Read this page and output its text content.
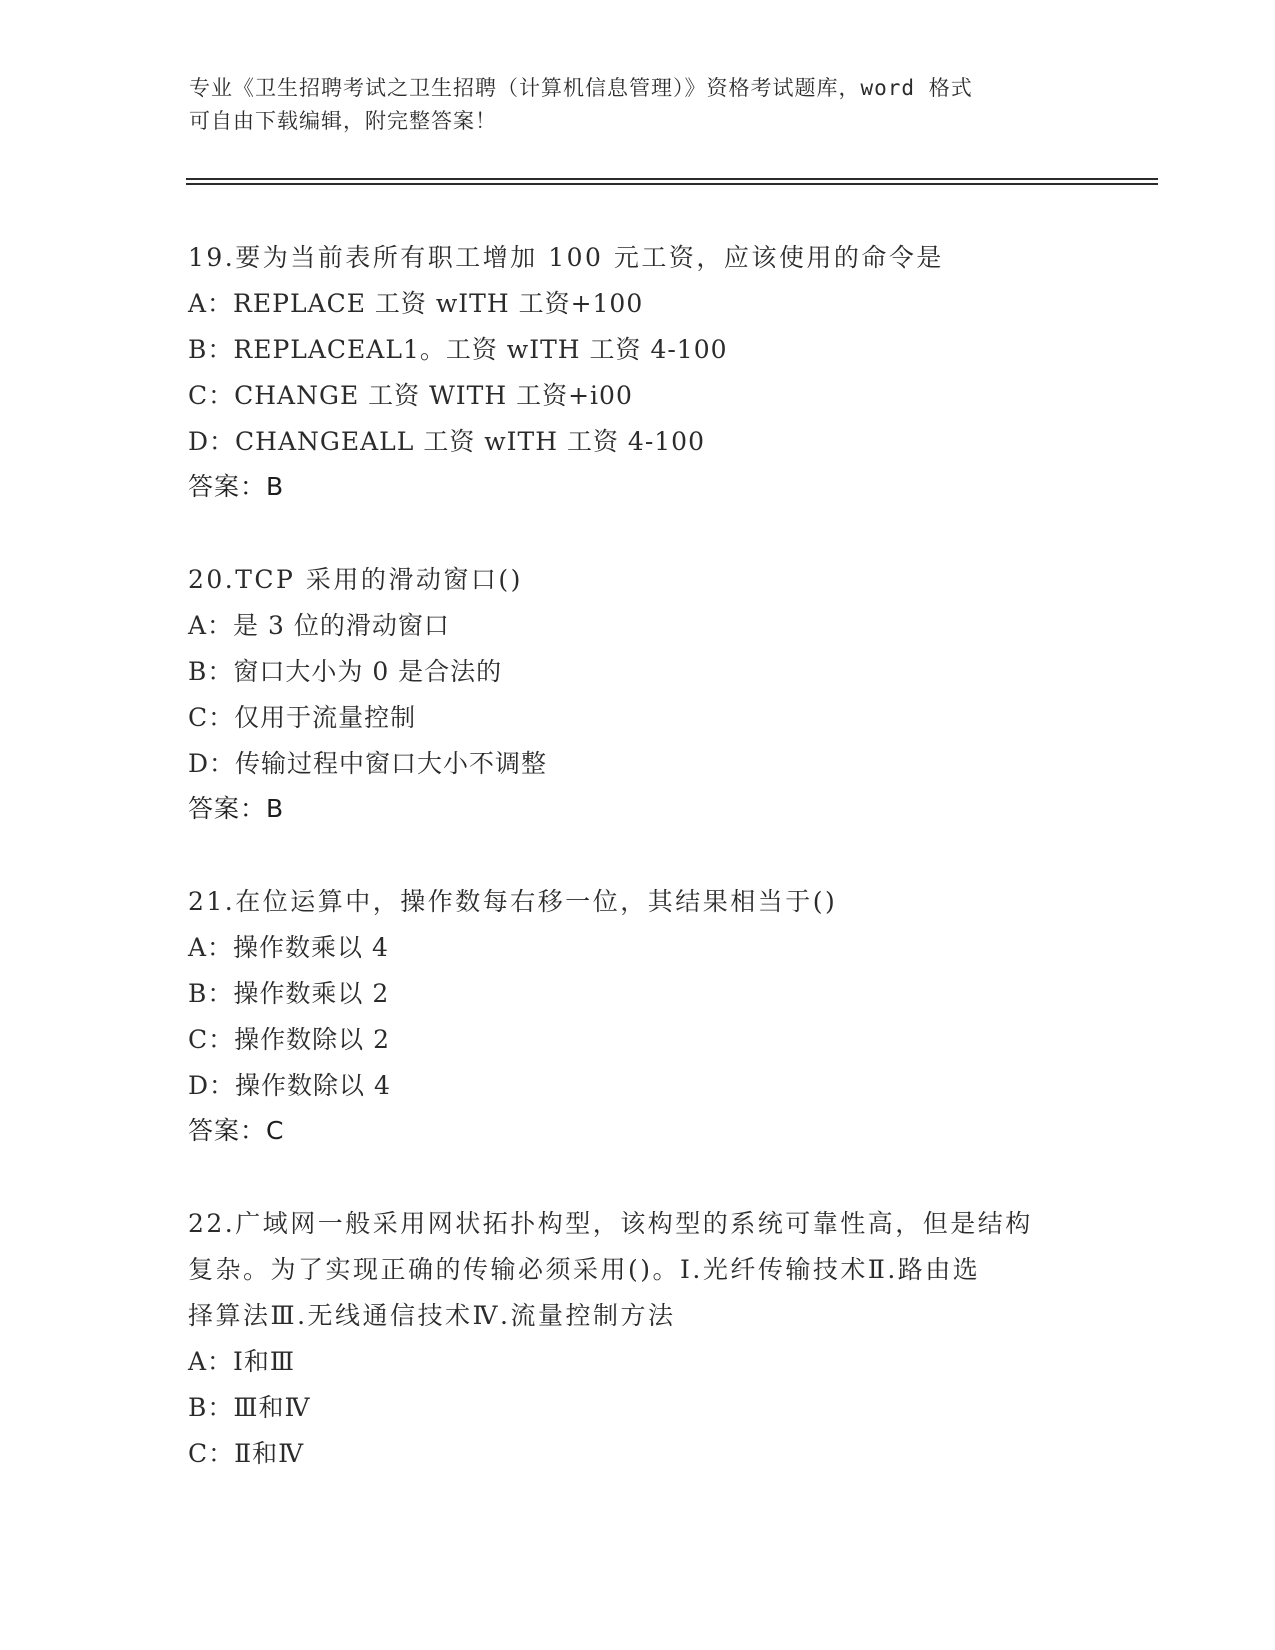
专业《卫生招聘考试之卫生招聘（计算机信息管理）》资格考试题库，word 格式
可自由下载编辑，附完整答案！
19.要为当前表所有职工增加 100 元工资，应该使用的命令是
A：REPLACE 工资 wITH 工资+100
B：REPLACEAL1。工资 wITH 工资 4-100
C：CHANGE 工资 WITH 工资+i00
D：CHANGEALL 工资 wITH 工资 4-100
答案：B
20.TCP 采用的滑动窗口()
A：是 3 位的滑动窗口
B：窗口大小为 0 是合法的
C：仅用于流量控制
D：传输过程中窗口大小不调整
答案：B
21.在位运算中，操作数每右移一位，其结果相当于()
A：操作数乘以 4
B：操作数乘以 2
C：操作数除以 2
D：操作数除以 4
答案：C
22.广域网一般采用网状拓扑构型，该构型的系统可靠性高，但是结构
复杂。为了实现正确的传输必须采用()。Ⅰ.光纤传输技术Ⅱ.路由选
择算法Ⅲ.无线通信技术Ⅳ.流量控制方法
A：Ⅰ和Ⅲ
B：Ⅲ和Ⅳ
C：Ⅱ和Ⅳ
